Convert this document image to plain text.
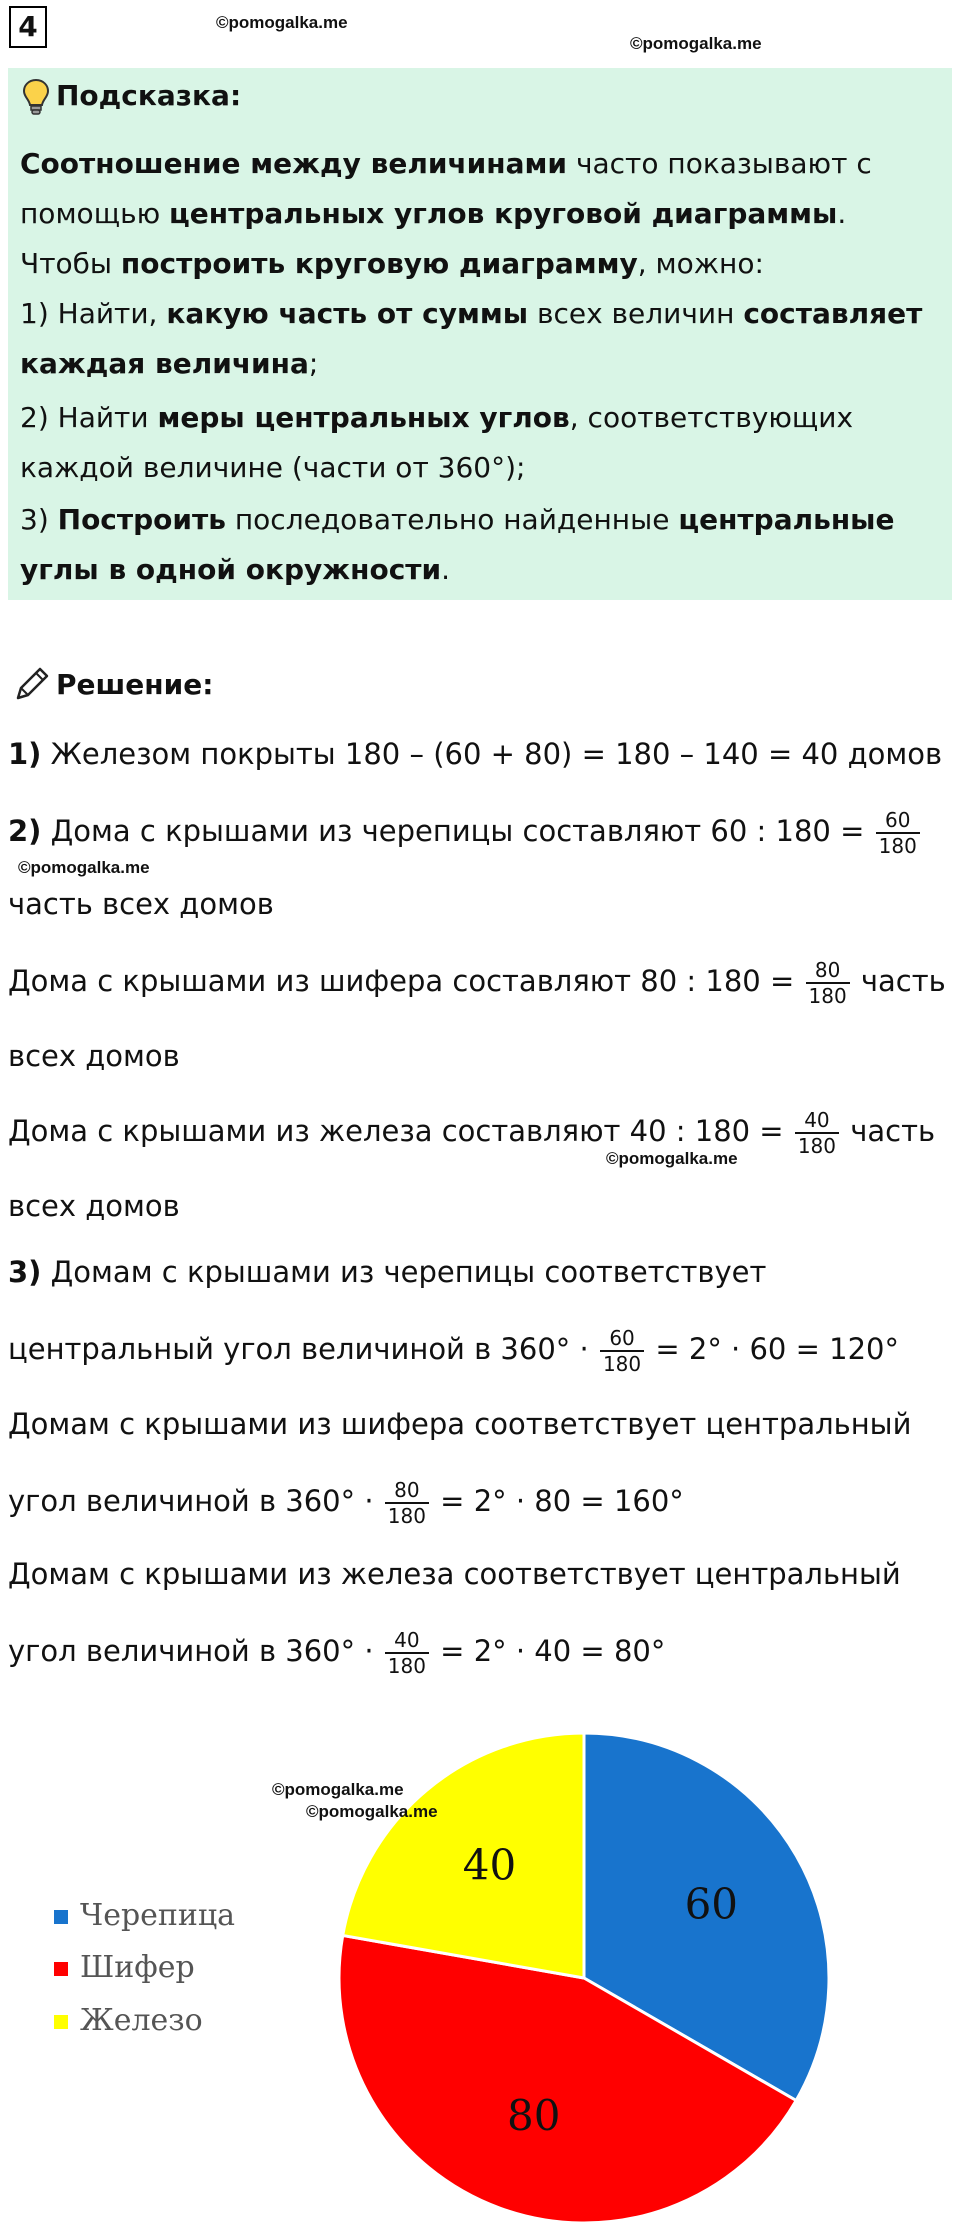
4	©pomogalka.me
©pomogalka.me
Подсказка:
Соотношение между величинами часто показывают с
помощью центральных углов круговой диаграммы.
Чтобы построить круговую диаграмму, можно:
1) Найти, какую часть от суммы всех величин составляет
каждая величина;
2) Найти меры центральных углов, соответствующих
каждой величине (части от 360°);
3) Построить последовательно найденные центральные
углы в одной окружности.
Решение:
1) Железом покрыты 180 – (60 + 80) = 180 – 140 = 40 домов
2) Дома с крышами из черепицы составляют 60 : $180 = \frac{60}{180}$
©pomogalka.me
часть всех домов
Дома с крышами из шифера составляют 80 : $180 = \frac{80}{180}$ часть
всех домов
Дома с крышами из железа составляют 40 : $180 = \frac{40}{180}$ часть
©pomogalka.me
всех домов
3) Домам с крышами из черепицы соответствует
центральный угол величиной в $360^\circ \cdot \frac{60}{180} = 2^\circ \cdot 60 = 120^\circ$
Домам с крышами из шифера соответствует центральный
угол величиной в $360^\circ \cdot \frac{80}{180} = 2^\circ \cdot 80 = 160^\circ$
Домам с крышами из железа соответствует центральный
угол величиной в $360^\circ \cdot \frac{40}{180} = 2^\circ \cdot 40 = 80^\circ$
60
80
40
©pomogalka.me
©pomogalka.me
Черепица
Шифер
Железо
